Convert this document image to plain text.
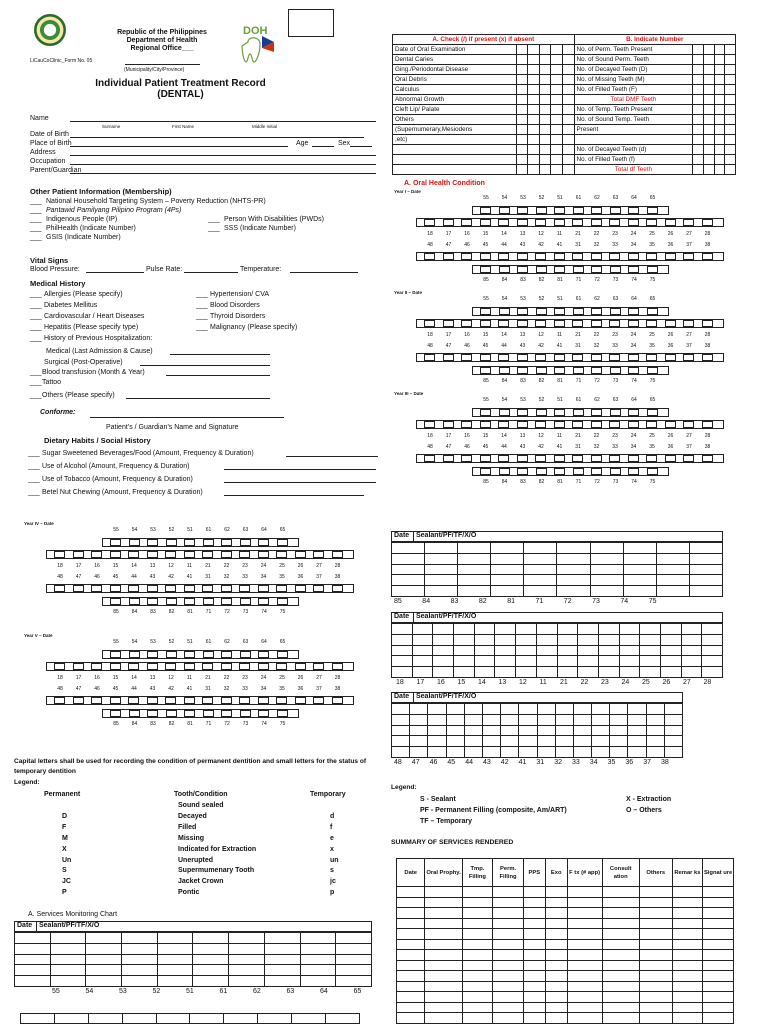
Republic of the Philippines
Department of Health
Regional Office___
LiCauCoClinic_Form No. 05
(Municipality/City/Province)
Individual Patient Treatment Record
(DENTAL)
DOH
Name
Surname	First Name	Middle Initial
Date of Birth
Place of Birth
Address
Occupation
Parent/Guardian
Age	Sex
Other Patient Information (Membership)
___ National Household Targeting System – Poverty Reduction (NHTS-PR)
___ Pantawid Pamilyang Pilipino Program (4Ps)
___ Indigenous People (IP)
___ PhilHealth (Indicate Number)
___ GSIS (Indicate Number)
___ Person With Disabilities (PWDs)
___ SSS (Indicate Number)
Vital Signs
Blood Pressure:	Pulse Rate:	Temperature:
Medical History
___ Allergies (Please specify)
___ Diabetes Mellitus
___ Cardiovascular / Heart Diseases
___ Hepatitis (Please specify type)
___ History of Previous Hospitalization:
___ Hypertension/ CVA
___ Blood Disorders
___ Thyroid Disorders
___ Malignancy (Please specify)
Medical (Last Admission & Cause)
Surgical (Post-Operative)
___ Blood transfusion (Month & Year)
___ Tattoo
___ Others (Please specify)
Conforme:
Patient’s / Guardian’s Name and Signature
Dietary Habits / Social History
___ Sugar Sweetened Beverages/Food (Amount, Frequency & Duration)
___ Use of Alcohol (Amount, Frequency & Duration)
___ Use of Tobacco (Amount, Frequency & Duration)
___ Betel Nut Chewing (Amount, Frequency & Duration)
A. Check (/) if present (x) if absent						B. Indicate Number				
Date of Oral Examination						No. of Perm. Teeth Present				
Dental Caries						No. of Sound Perm. Teeth				
Ging./Periodontal Disease						No. of Decayed Teeth (D)				
Oral Debris						No. of Missing Teeth (M)				
Calculus						No. of Filled Teeth (F)				
Abnormal Growth						Total DMF Teeth				
Cleft Lip/ Palate						No. of Temp. Teeth Present				
Others						No. of Sound Temp. Teeth				
(Supernumerary,Mesiodens						Present				
,etc)										
						No. of Decayed Teeth (d)				
						No. of Filled Teeth (f)				
						Total df Teeth				
A. Oral Health Condition
Year I – Date
55	54	53	52	51	61	62	63	64	65
18	17	16	15	14	13	12	11	21	22	23	24	25	26	27	28
48	47	46	45	44	43	42	41	31	32	33	34	35	36	37	38
85	84	83	82	81	71	72	73	74	75
Year II – Date
55	54	53	52	51	61	62	63	64	65
18	17	16	15	14	13	12	11	21	22	23	24	25	26	27	28
48	47	46	45	44	43	42	41	31	32	33	34	35	36	37	38
85	84	83	82	81	71	72	73	74	75
Year III – Date
55	54	53	52	51	61	62	63	64	65
18	17	16	15	14	13	12	11	21	22	23	24	25	26	27	28
48	47	46	45	44	43	42	41	31	32	33	34	35	36	37	38
85	84	83	82	81	71	72	73	74	75
Year IV – Date
55	54	53	52	51	61	62	63	64	65
18	17	16	15	14	13	12	11	21	22	23	24	25	26	27	28
48	47	46	45	44	43	42	41	31	32	33	34	35	36	37	38
85	84	83	82	81	71	72	73	74	75
Year V – Date
55	54	53	52	51	61	62	63	64	65
18	17	16	15	14	13	12	11	21	22	23	24	25	26	27	28
48	47	46	45	44	43	42	41	31	32	33	34	35	36	37	38
85	84	83	82	81	71	72	73	74	75
Date Sealant/PF/TF/X/O

85	84	83	82	81	71	72	73	74	75
Date Sealant/PF/TF/X/O

18 17 16 15 14 13 12 11 21 22 23 24 25 26 27 28
Date Sealant/PF/TF/X/O

48 47 46 45 44 43 42 41 31 32 33 34 35 36 37 38
Capital letters shall be used for recording the condition of permanent dentition and small letters for the status of temporary dentition
Legend:
Permanent	Tooth/Condition	Temporary
Sound sealed
D	Decayed	d
F	Filled	f
M	Missing	e
X	Indicated for Extraction	x
Un	Unerupted	un
S	Supermumenary Tooth	s
JC	Jacket Crown	jc
P	Pontic	p
A. Services Monitoring Chart
Date Sealant/PF/TF/X/O

55	54	53	52	51	61	62	63	64	65

Legend:
S - Sealant
PF - Permanent Filling (composite, Am/ART)
TF – Temporary
X - Extraction
O – Others
SUMMARY OF SERVICES RENDERED
Date	Oral Prophy.	Tmp. Filling	Perm. Filling	PPS	Exo	F tx (# app)	Consult ation	Others	Remar ks	Signat ure
